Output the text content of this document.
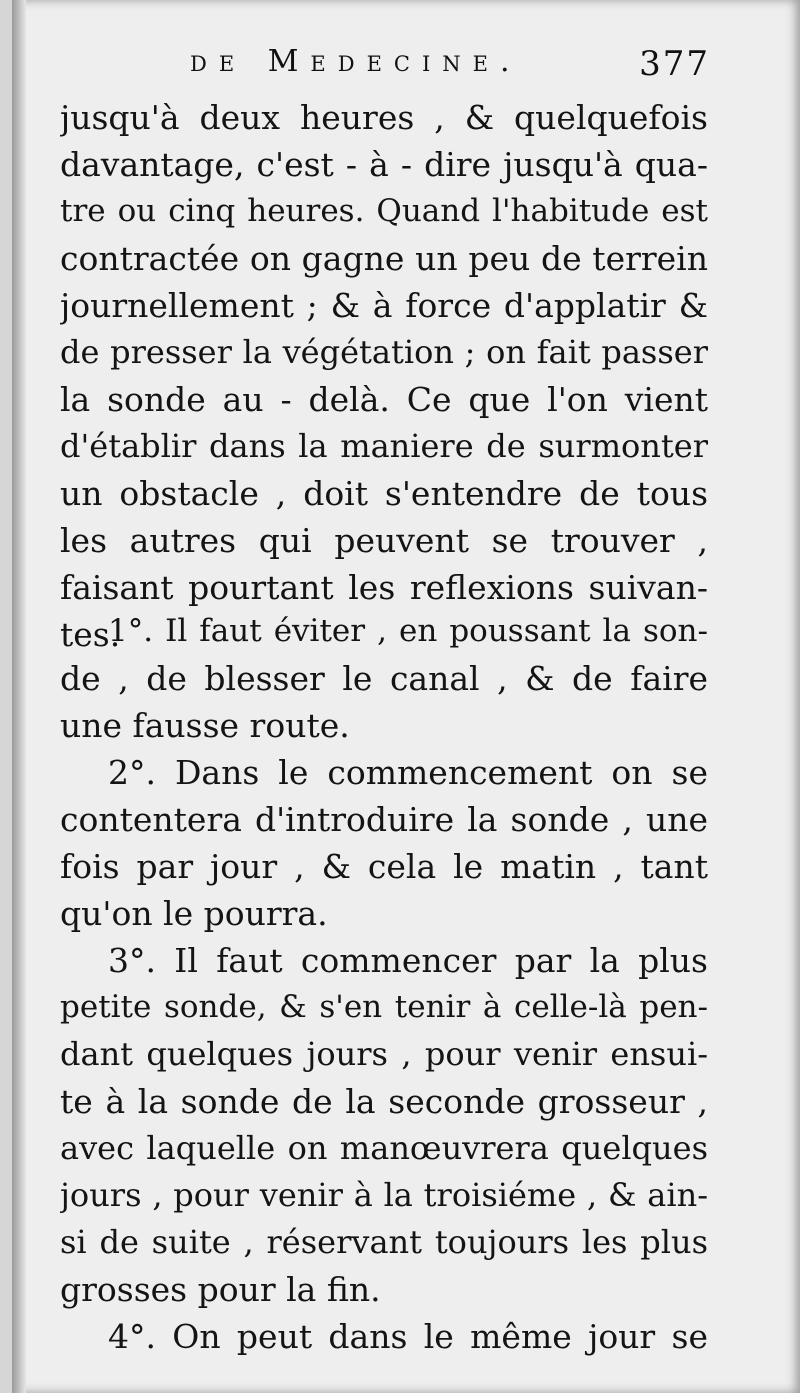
de Medecine.	377
jusqu'à deux heures , & quelquefois
davantage, c'est - à - dire jusqu'à qua-
tre ou cinq heures. Quand l'habitude est
contractée on gagne un peu de terrein
journellement ; & à force d'applatir &
de presser la végétation ; on fait passer
la sonde au - delà. Ce que l'on vient
d'établir dans la maniere de surmonter
un obstacle , doit s'entendre de tous
les autres qui peuvent se trouver ,
faisant pourtant les reflexions suivan-
tes.
1°. Il faut éviter , en poussant la son-
de , de blesser le canal , & de faire
une fausse route.
2°. Dans le commencement on se
contentera d'introduire la sonde , une
fois par jour , & cela le matin , tant
qu'on le pourra.
3°. Il faut commencer par la plus
petite sonde, & s'en tenir à celle-là pen-
dant quelques jours , pour venir ensui-
te à la sonde de la seconde grosseur ,
avec laquelle on manœuvrera quelques
jours , pour venir à la troisiéme , & ain-
si de suite , réservant toujours les plus
grosses pour la fin.
4°. On peut dans le même jour se
